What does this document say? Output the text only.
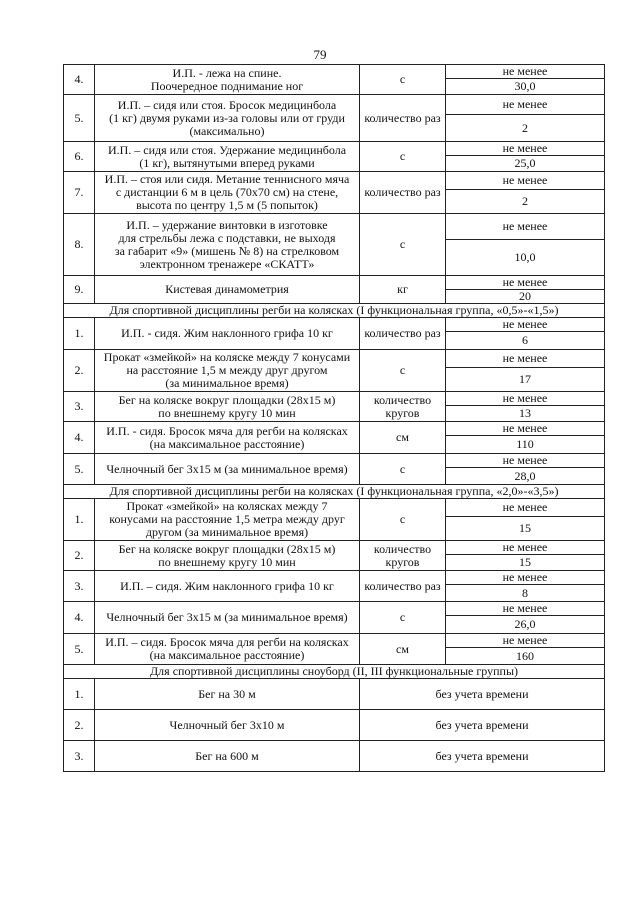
79
4.	И.П. - лежа на спине.
Поочередное поднимание ног	с	не менее
			30,0
5.	И.П. – сидя или стоя. Бросок медицинбола
(1 кг) двумя руками из-за головы или от груди
(максимально)	количество раз	не менее
			2
6.	И.П. – сидя или стоя. Удержание медицинбола
(1 кг), вытянутыми вперед руками	с	не менее
			25,0
7.	И.П. – стоя или сидя. Метание теннисного мяча
с дистанции 6 м в цель (70х70 см) на стене,
высота по центру 1,5 м (5 попыток)	количество раз	не менее
			2
8.	И.П. – удержание винтовки в изготовке
для стрельбы лежа с подставки, не выходя
за габарит «9» (мишень № 8) на стрелковом
электронном тренажере «СКАТТ»	с	не менее
			10,0
9.	Кистевая динамометрия	кг	не менее
			20
Для спортивной дисциплины регби на колясках (I функциональная группа, «0,5»-«1,5»)			
1.	И.П. - сидя. Жим наклонного грифа 10 кг	количество раз	не менее
			6
2.	Прокат «змейкой» на коляске между 7 конусами
на расстояние 1,5 м между друг другом
(за минимальное время)	с	не менее
			17
3.	Бег на коляске вокруг площадки (28х15 м)
по внешнему кругу 10 мин	количество
кругов	не менее
			13
4.	И.П. - сидя. Бросок мяча для регби на колясках
(на максимальное расстояние)	см	не менее
			110
5.	Челночный бег 3х15 м (за минимальное время)	с	не менее
			28,0
Для спортивной дисциплины регби на колясках (I функциональная группа, «2,0»-«3,5»)			
1.	Прокат «змейкой» на колясках между 7
конусами на расстояние 1,5 метра между друг
другом (за минимальное время)	с	не менее
			15
2.	Бег на коляске вокруг площадки (28х15 м)
по внешнему кругу 10 мин	количество
кругов	не менее
			15
3.	И.П. – сидя. Жим наклонного грифа 10 кг	количество раз	не менее
			8
4.	Челночный бег 3х15 м (за минимальное время)	с	не менее
			26,0
5.	И.П. – сидя. Бросок мяча для регби на колясках
(на максимальное расстояние)	см	не менее
			160
Для спортивной дисциплины сноуборд (II, III функциональные группы)			
1.	Бег на 30 м	без учета времени	
2.	Челночный бег 3х10 м	без учета времени	
3.	Бег на 600 м	без учета времени	
